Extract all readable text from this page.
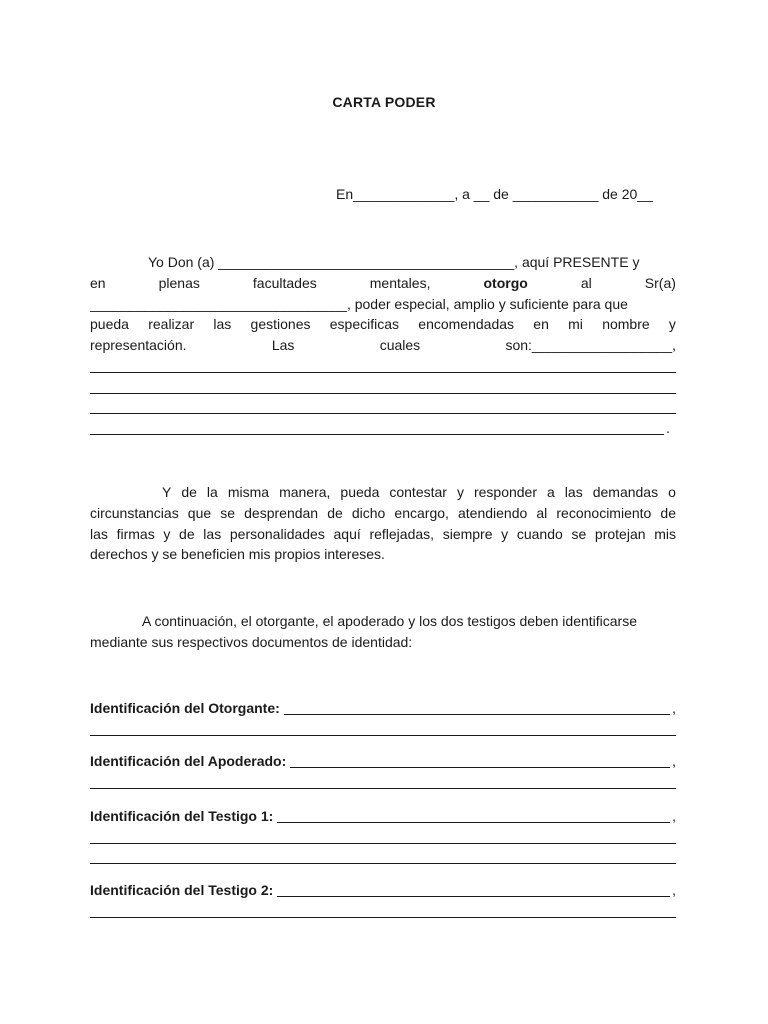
CARTA PODER
En_____________, a __ de ___________ de 20__
Yo Don (a) ______________________________________, aquí PRESENTE y
en	plenas	facultades	mentales,	otorgo	al	Sr(a)
_________________________________, poder especial, amplio y suficiente para que
pueda realizar las gestiones especificas encomendadas en mi nombre y
representación.	Las	cuales	son:__________________,
.
Y de la misma manera, pueda contestar y responder a las demandas o
circunstancias que se desprendan de dicho encargo, atendiendo al reconocimiento de
las firmas y de las personalidades aquí reflejadas, siempre y cuando se protejan mis
derechos y se beneficien mis propios intereses.
A continuación, el otorgante, el apoderado y los dos testigos deben identificarse
mediante sus respectivos documentos de identidad:
Identificación del Otorgante:	,
Identificación del Apoderado:	,
Identificación del Testigo 1:	,
Identificación del Testigo 2:	,
